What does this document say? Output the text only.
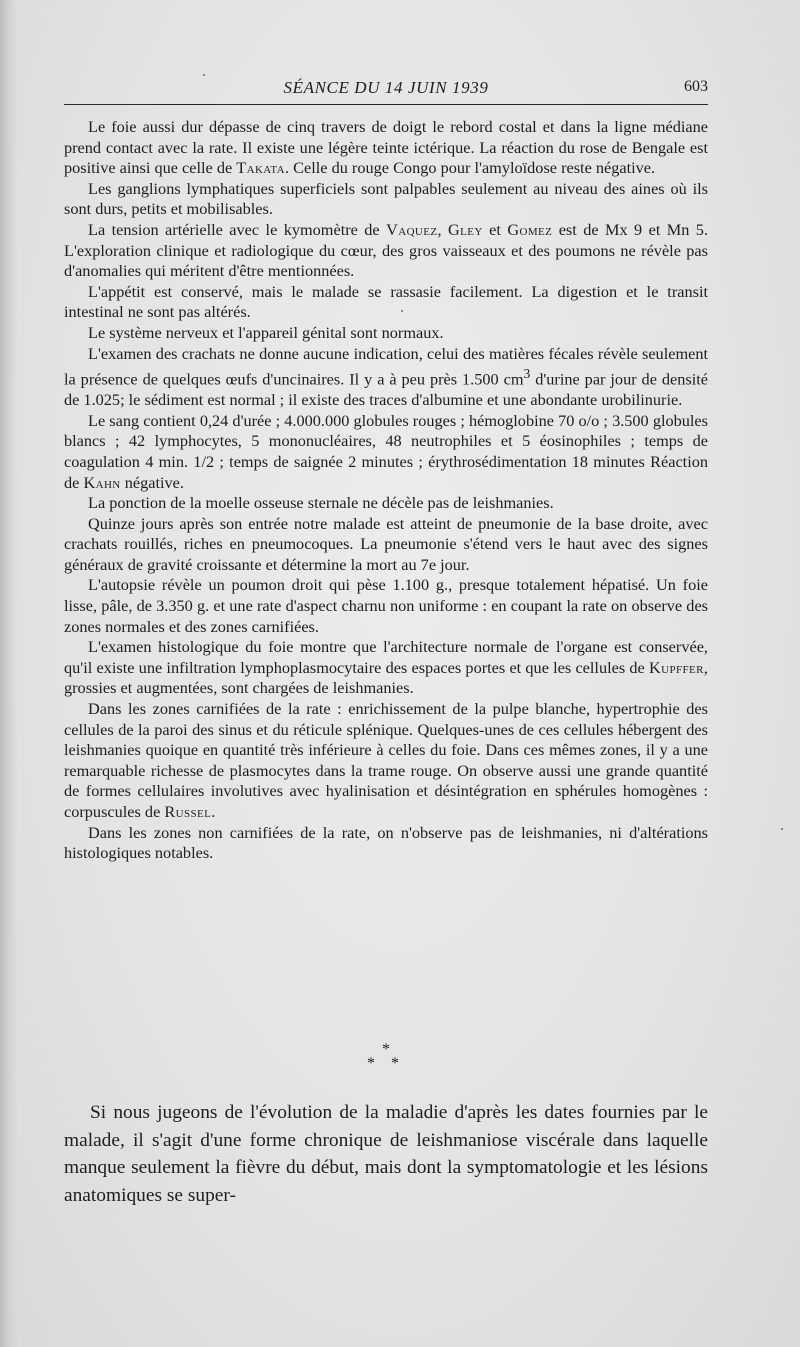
SÉANCE DU 14 JUIN 1939	603

Le foie aussi dur dépasse de cinq travers de doigt le rebord costal et dans la ligne médiane prend contact avec la rate. Il existe une légère teinte ictérique. La réaction du rose de Bengale est positive ainsi que celle de Takata. Celle du rouge Congo pour l'amyloïdose reste négative.

Les ganglions lymphatiques superficiels sont palpables seulement au niveau des aines où ils sont durs, petits et mobilisables.

La tension artérielle avec le kymomètre de Vaquez, Gley et Gomez est de Mx 9 et Mn 5. L'exploration clinique et radiologique du cœur, des gros vaisseaux et des poumons ne révèle pas d'anomalies qui méritent d'être mentionnées.

L'appétit est conservé, mais le malade se rassasie facilement. La digestion et le transit intestinal ne sont pas altérés.

Le système nerveux et l'appareil génital sont normaux.

L'examen des crachats ne donne aucune indication, celui des matières fécales révèle seulement la présence de quelques œufs d'uncinaires. Il y a à peu près 1.500 $cm^3$ d'urine par jour de densité de 1.025; le sédiment est normal ; il existe des traces d'albumine et une abondante urobilinurie.

Le sang contient 0,24 d'urée ; 4.000.000 globules rouges ; hémoglobine 70 o/o ; 3.500 globules blancs ; 42 lymphocytes, 5 mononucléaires, 48 neutrophiles et 5 éosinophiles ; temps de coagulation 4 min. 1/2 ; temps de saignée 2 minutes ; érythrosédimentation 18 minutes Réaction de Kahn négative.

La ponction de la moelle osseuse sternale ne décèle pas de leishmanies.

Quinze jours après son entrée notre malade est atteint de pneumonie de la base droite, avec crachats rouillés, riches en pneumocoques. La pneumonie s'étend vers le haut avec des signes généraux de gravité croissante et détermine la mort au 7e jour.

L'autopsie révèle un poumon droit qui pèse 1.100 g., presque totalement hépatisé. Un foie lisse, pâle, de 3.350 g. et une rate d'aspect charnu non uniforme : en coupant la rate on observe des zones normales et des zones carnifiées.

L'examen histologique du foie montre que l'architecture normale de l'organe est conservée, qu'il existe une infiltration lymphoplasmocytaire des espaces portes et que les cellules de Kupffer, grossies et augmentées, sont chargées de leishmanies.

Dans les zones carnifiées de la rate : enrichissement de la pulpe blanche, hypertrophie des cellules de la paroi des sinus et du réticule splénique. Quelques-unes de ces cellules hébergent des leishmanies quoique en quantité très inférieure à celles du foie. Dans ces mêmes zones, il y a une remarquable richesse de plasmocytes dans la trame rouge. On observe aussi une grande quantité de formes cellulaires involutives avec hyalinisation et désintégration en sphérules homogènes : corpuscules de Russel.

Dans les zones non carnifiées de la rate, on n'observe pas de leishmanies, ni d'altérations histologiques notables.

*
* *

Si nous jugeons de l'évolution de la maladie d'après les dates fournies par le malade, il s'agit d'une forme chronique de leishmaniose viscérale dans laquelle manque seulement la fièvre du début, mais dont la symptomatologie et les lésions anatomiques se super-
